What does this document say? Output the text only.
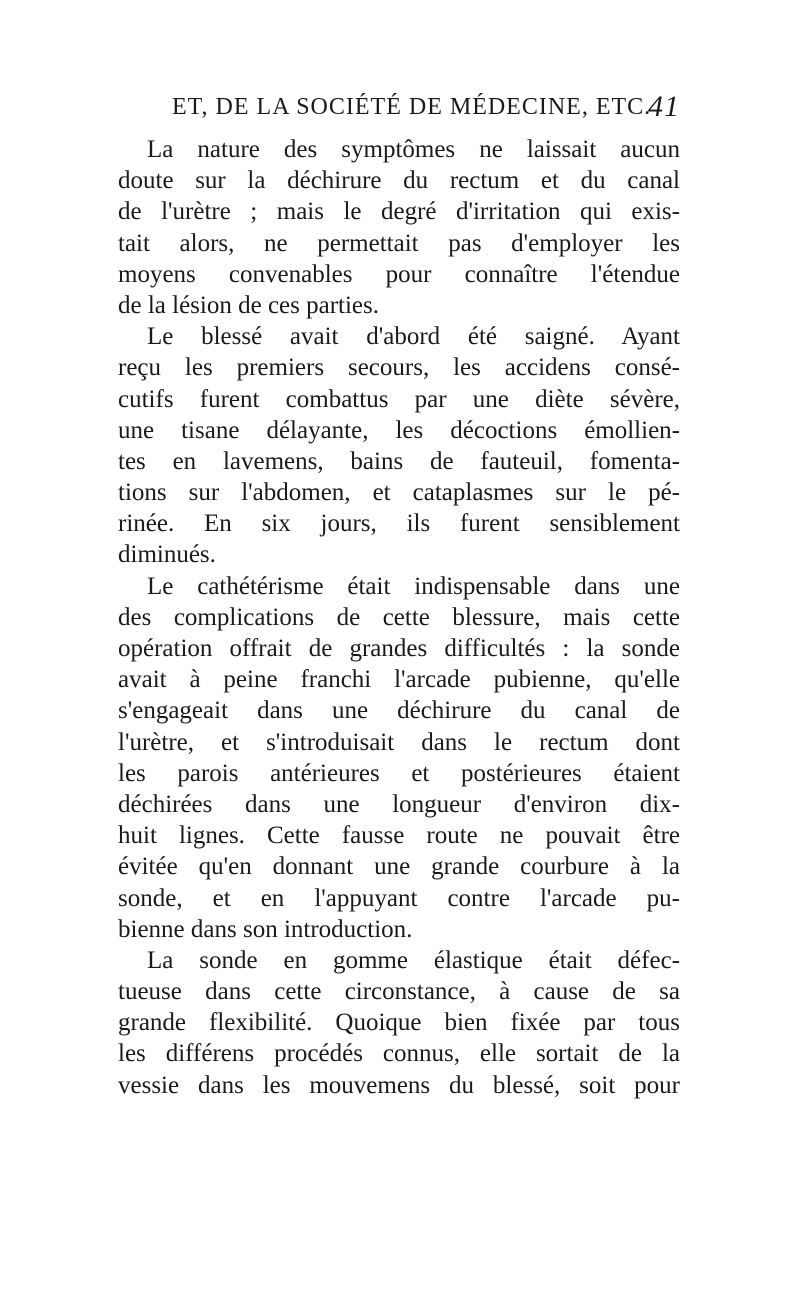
ET, DE LA SOCIÉTÉ DE MÉDECINE, ETC.
41
La nature des symptômes ne laissait aucun
doute sur la déchirure du rectum et du canal
de l'urètre ; mais le degré d'irritation qui exis-
tait alors, ne permettait pas d'employer les
moyens convenables pour connaître l'étendue
de la lésion de ces parties.
Le blessé avait d'abord été saigné. Ayant
reçu les premiers secours, les accidens consé-
cutifs furent combattus par une diète sévère,
une tisane délayante, les décoctions émollien-
tes en lavemens, bains de fauteuil, fomenta-
tions sur l'abdomen, et cataplasmes sur le pé-
rinée. En six jours, ils furent sensiblement
diminués.
Le cathétérisme était indispensable dans une
des complications de cette blessure, mais cette
opération offrait de grandes difficultés : la sonde
avait à peine franchi l'arcade pubienne, qu'elle
s'engageait dans une déchirure du canal de
l'urètre, et s'introduisait dans le rectum dont
les parois antérieures et postérieures étaient
déchirées dans une longueur d'environ dix-
huit lignes. Cette fausse route ne pouvait être
évitée qu'en donnant une grande courbure à la
sonde, et en l'appuyant contre l'arcade pu-
bienne dans son introduction.
La sonde en gomme élastique était défec-
tueuse dans cette circonstance, à cause de sa
grande flexibilité. Quoique bien fixée par tous
les différens procédés connus, elle sortait de la
vessie dans les mouvemens du blessé, soit pour
